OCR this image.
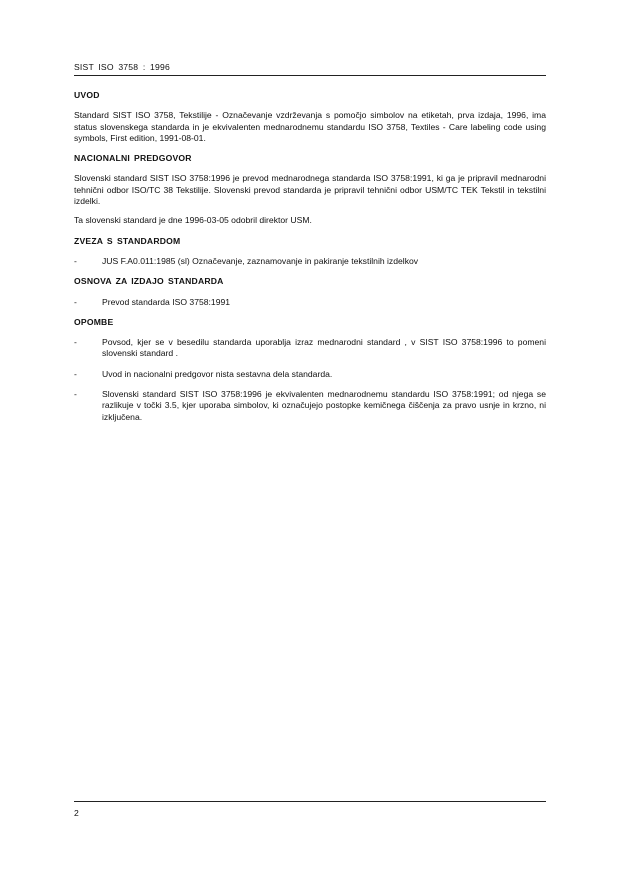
SIST ISO 3758 : 1996
UVOD

Standard SIST ISO 3758, Tekstilije - Označevanje vzdrževanja s pomočjo simbolov na etiketah, prva izdaja, 1996, ima status slovenskega standarda in je ekvivalenten mednarodnemu standardu ISO 3758, Textiles - Care labeling code using symbols, First edition, 1991-08-01.

NACIONALNI PREDGOVOR

Slovenski standard SIST ISO 3758:1996 je prevod mednarodnega standarda ISO 3758:1991, ki ga je pripravil mednarodni tehnični odbor ISO/TC 38 Tekstilije. Slovenski prevod standarda je pripravil tehnični odbor USM/TC TEK Tekstil in tekstilni izdelki.

Ta slovenski standard je dne 1996-03-05 odobril direktor USM.

ZVEZA S STANDARDOM
-	JUS F.A0.011:1985 (sl) Označevanje, zaznamovanje in pakiranje tekstilnih izdelkov
OSNOVA ZA IZDAJO STANDARDA
-	Prevod standarda ISO 3758:1991
OPOMBE
-	Povsod, kjer se v besedilu standarda uporablja izraz mednarodni standard , v SIST ISO 3758:1996 to pomeni slovenski standard .
-	Uvod in nacionalni predgovor nista sestavna dela standarda.
-	Slovenski standard SIST ISO 3758:1996 je ekvivalenten mednarodnemu standardu ISO 3758:1991; od njega se razlikuje v točki 3.5, kjer uporaba simbolov, ki označujejo postopke kemičnega čiščenja za pravo usnje in krzno, ni izključena.
2
